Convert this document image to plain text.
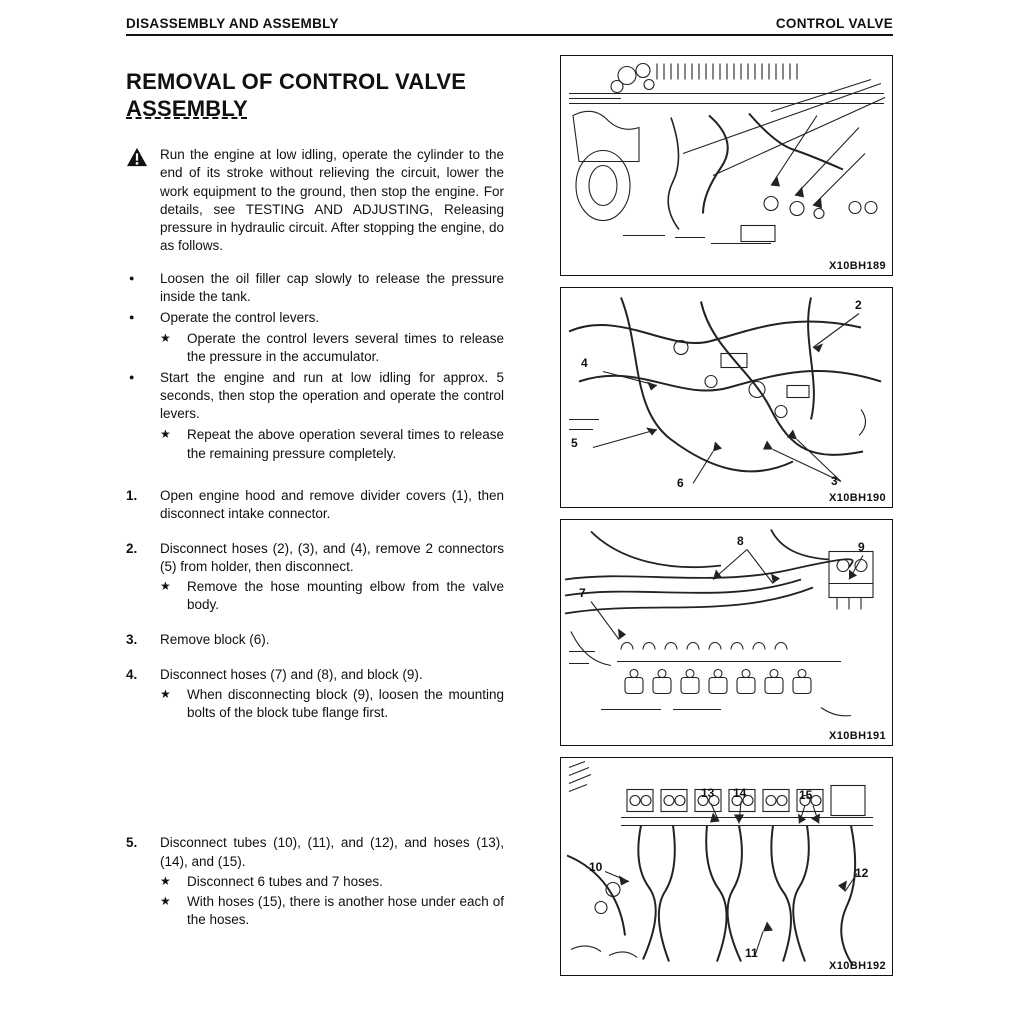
DISASSEMBLY AND ASSEMBLY	CONTROL VALVE
REMOVAL OF CONTROL VALVE
ASSEMBLY
Run the engine at low idling, operate the cylinder to the end of its stroke without relieving the circuit, lower the work equipment to the ground, then stop the engine. For details, see TESTING AND ADJUSTING, Releasing pressure in hydraulic circuit. After stopping the engine, do as follows.
●	Loosen the oil filler cap slowly to release the pressure inside the tank.
●	Operate the control levers.
★	Operate the control levers several times to release the pressure in the accumulator.
●	Start the engine and run at low idling for approx. 5 seconds, then stop the operation and operate the control levers.
★	Repeat the above operation several times to release the remaining pressure completely.
1.	Open engine hood and remove divider covers (1), then disconnect intake connector.
2.	Disconnect hoses (2), (3), and (4), remove 2 connectors (5) from holder, then disconnect.
★	Remove the hose mounting elbow from the valve body.
3.	Remove block (6).
4.	Disconnect hoses (7) and (8), and block (9).
★	When disconnecting block (9), loosen the mounting bolts of the block tube flange first.
5.	Disconnect tubes (10), (11), and (12), and hoses (13), (14), and (15).
★	Disconnect 6 tubes and 7 hoses.
★	With hoses (15), there is another hose under each of the hoses.
X10BH189
2
4
5
6	3
X10BH190
8	9
7
X10BH191
13 14	15
10	12
11
X10BH192
